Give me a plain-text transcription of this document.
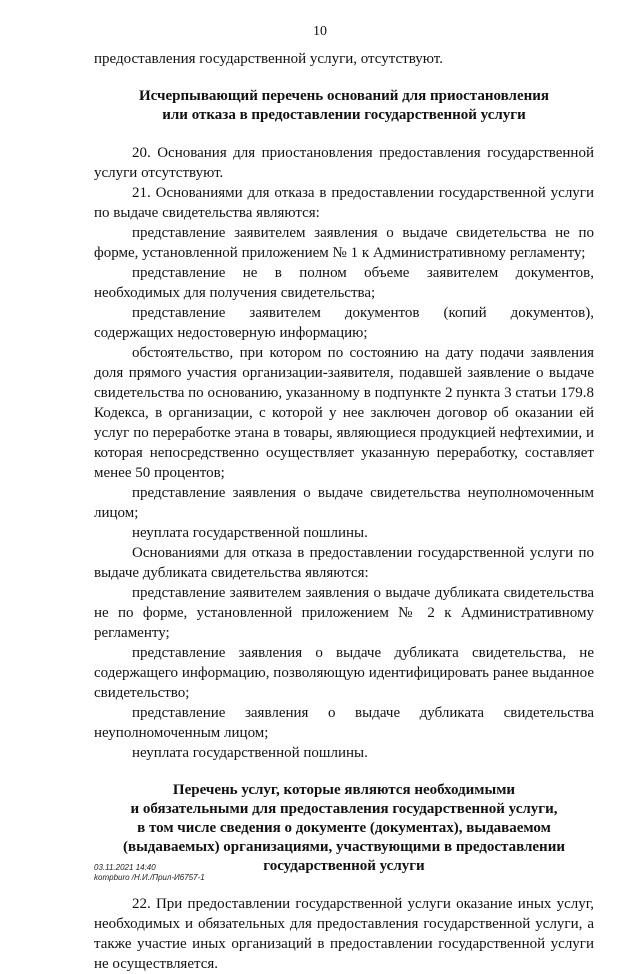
10

предоставления государственной услуги, отсутствуют.

Исчерпывающий перечень оснований для приостановления
или отказа в предоставлении государственной услуги

20. Основания для приостановления предоставления государственной услуги отсутствуют.

21. Основаниями для отказа в предоставлении государственной услуги по выдаче свидетельства являются:

представление заявителем заявления о выдаче свидетельства не по форме, установленной приложением № 1 к Административному регламенту;

представление не в полном объеме заявителем документов, необходимых для получения свидетельства;

представление заявителем документов (копий документов), содержащих недостоверную информацию;

обстоятельство, при котором по состоянию на дату подачи заявления доля прямого участия организации-заявителя, подавшей заявление о выдаче свидетельства по основанию, указанному в подпункте 2 пункта 3 статьи 179.8 Кодекса, в организации, с которой у нее заключен договор об оказании ей услуг по переработке этана в товары, являющиеся продукцией нефтехимии, и которая непосредственно осуществляет указанную переработку, составляет менее 50 процентов;

представление заявления о выдаче свидетельства неуполномоченным лицом;

неуплата государственной пошлины.

Основаниями для отказа в предоставлении государственной услуги по выдаче дубликата свидетельства являются:

представление заявителем заявления о выдаче дубликата свидетельства не по форме, установленной приложением № 2 к Административному регламенту;

представление заявления о выдаче дубликата свидетельства, не содержащего информацию, позволяющую идентифицировать ранее выданное свидетельство;

представление заявления о выдаче дубликата свидетельства неуполномоченным лицом;

неуплата государственной пошлины.

Перечень услуг, которые являются необходимыми
и обязательными для предоставления государственной услуги,
в том числе сведения о документе (документах), выдаваемом
(выдаваемых) организациями, участвующими в предоставлении
государственной услуги

22. При предоставлении государственной услуги оказание иных услуг, необходимых и обязательных для предоставления государственной услуги, а также участие иных организаций в предоставлении государственной услуги не осуществляется.

03.11.2021 14:40
kompburo /Н.И./Прил-И6757-1
